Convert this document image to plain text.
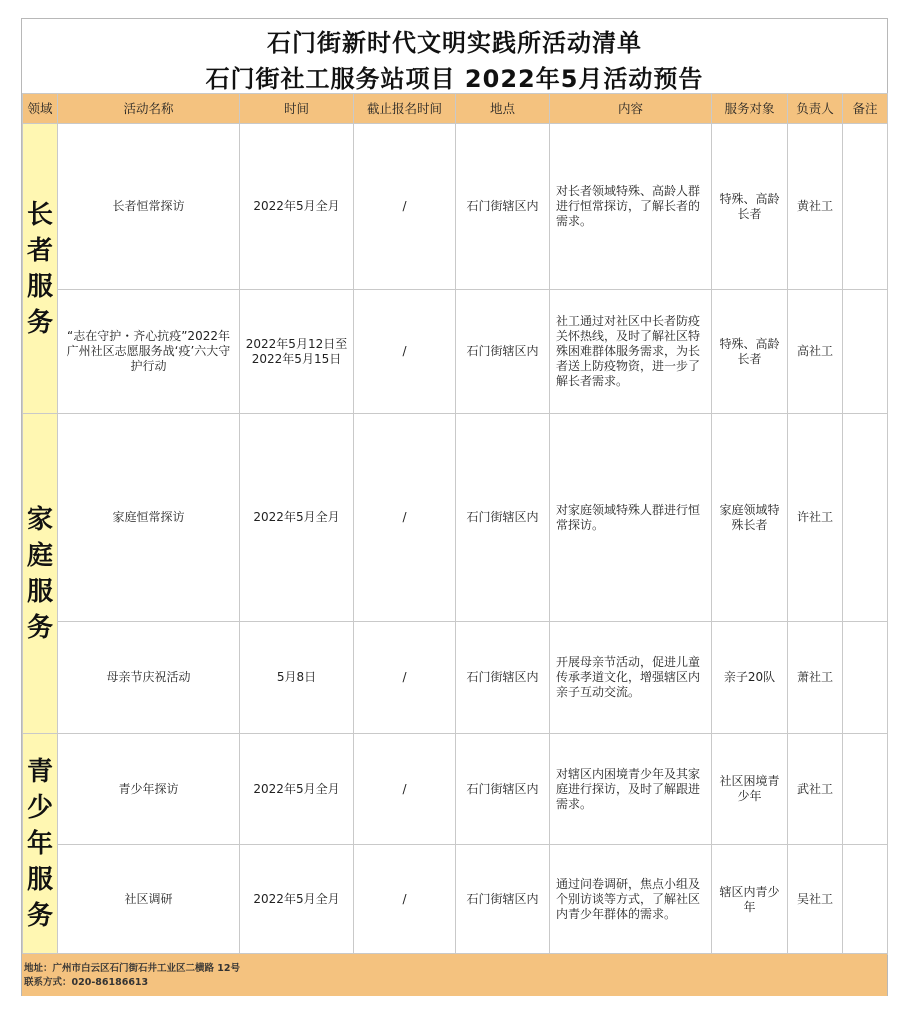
石门街新时代文明实践所活动清单
石门街社工服务站项目 2022年5月活动预告
领域	活动名称	时间	截止报名时间	地点	内容	服务对象	负责人	备注
长者服务	长者恒常探访	2022年5月全月	/	石门街辖区内	对长者领域特殊、高龄人群进行恒常探访，了解长者的需求。	特殊、高龄长者	黄社工	
	“志在守护・齐心抗疫”2022年广州社区志愿服务战‘疫’六大守护行动	2022年5月12日至2022年5月15日	/	石门街辖区内	社工通过对社区中长者防疫关怀热线，及时了解社区特殊困难群体服务需求，为长者送上防疫物资，进一步了解长者需求。	特殊、高龄长者	高社工	
家庭服务	家庭恒常探访	2022年5月全月	/	石门街辖区内	对家庭领域特殊人群进行恒常探访。	家庭领域特殊长者	许社工	
	母亲节庆祝活动	5月8日	/	石门街辖区内	开展母亲节活动，促进儿童传承孝道文化，增强辖区内亲子互动交流。	亲子20队	萧社工	
青少年服务	青少年探访	2022年5月全月	/	石门街辖区内	对辖区内困境青少年及其家庭进行探访，及时了解跟进需求。	社区困境青少年	武社工	
	社区调研	2022年5月全月	/	石门街辖区内	通过问卷调研，焦点小组及个别访谈等方式，了解社区内青少年群体的需求。	辖区内青少年	吴社工	
地址：广州市白云区石门街石井工业区二横路 12号
联系方式：020-86186613
